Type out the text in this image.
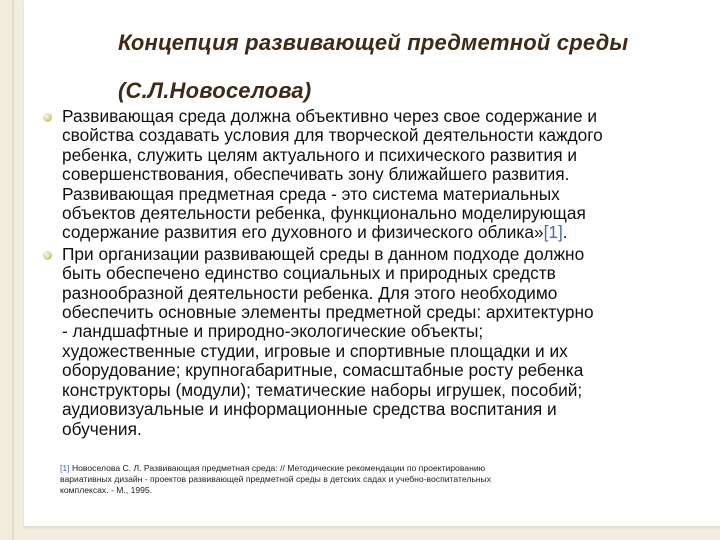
Концепция развивающей предметной среды
(С.Л.Новоселова)
Развивающая среда должна объективно через свое содержание и
свойства создавать условия для творческой деятельности каждого
ребенка, служить целям актуального и психического развития и
совершенствования, обеспечивать зону ближайшего развития.
Развивающая предметная среда - это система материальных
объектов деятельности ребенка, функционально моделирующая
содержание развития его духовного и физического облика»[1].
При организации развивающей среды в данном подходе должно
быть обеспечено единство социальных и природных средств
разнообразной деятельности ребенка. Для этого необходимо
обеспечить основные элементы предметной среды: архитектурно
- ландшафтные и природно-экологические объекты;
художественные студии, игровые и спортивные площадки и их
оборудование; крупногабаритные, сомасштабные росту ребенка
конструкторы (модули); тематические наборы игрушек, пособий;
аудиовизуальные и информационные средства воспитания и
обучения.
[1] Новоселова С. Л. Развивающая предметная среда: // Методические рекомендации по проектированию
вариативных дизайн - проектов развивающей предметной среды в детских садах и учебно-воспитательных
комплексах. - М., 1995.
